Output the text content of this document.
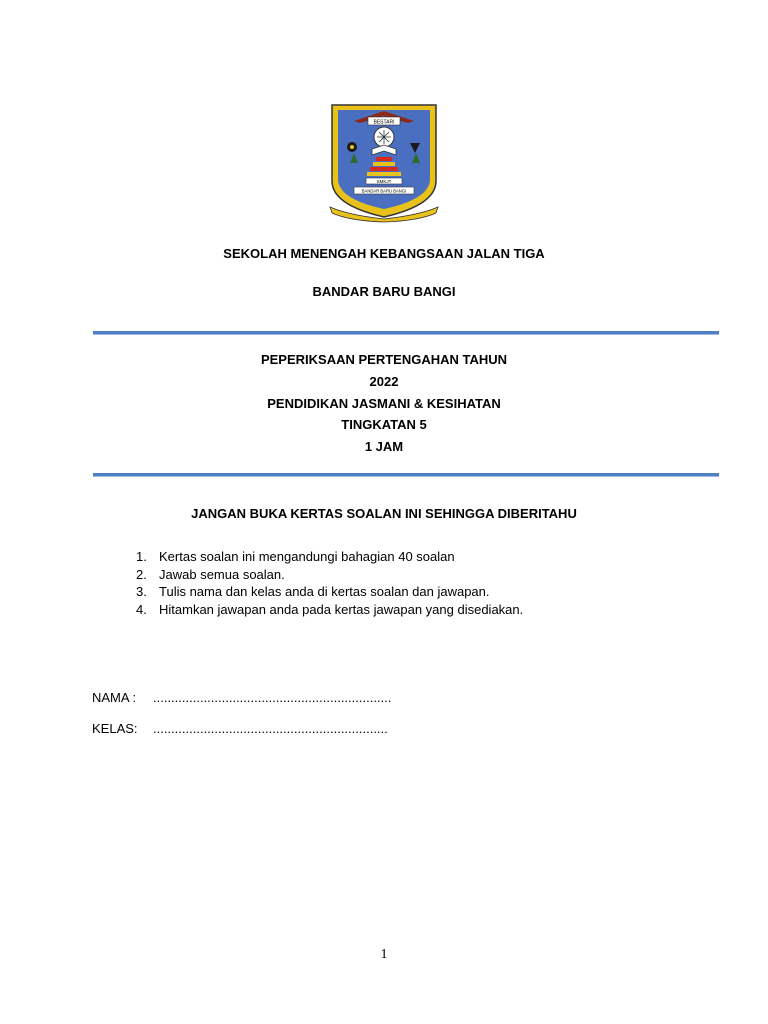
BESTARI
SMKJT
BANDAR BARU BANGI

SEKOLAH MENENGAH KEBANGSAAN JALAN TIGA

BANDAR BARU BANGI

PEPERIKSAAN PERTENGAHAN TAHUN

2022

PENDIDIKAN JASMANI & KESIHATAN

TINGKATAN 5

1 JAM

JANGAN BUKA KERTAS SOALAN INI SEHINGGA DIBERITAHU

1. Kertas soalan ini mengandungi bahagian 40 soalan
2. Jawab semua soalan.
3. Tulis nama dan kelas anda di kertas soalan dan jawapan.
4. Hitamkan jawapan anda pada kertas jawapan yang disediakan.
NAMA : ..................................................................
KELAS: .................................................................
1
